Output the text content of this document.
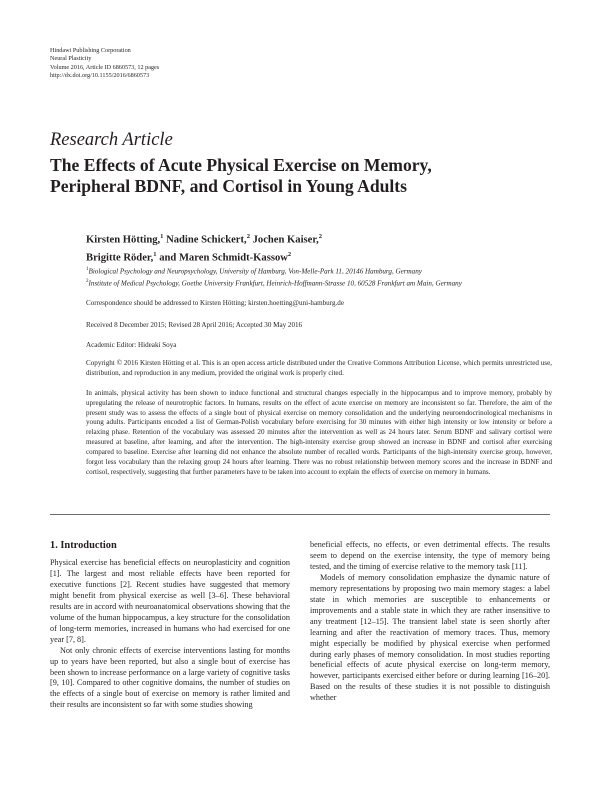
Hindawi Publishing Corporation
Neural Plasticity
Volume 2016, Article ID 6860573, 12 pages
http://dx.doi.org/10.1155/2016/6860573
Research Article
The Effects of Acute Physical Exercise on Memory,
Peripheral BDNF, and Cortisol in Young Adults
Kirsten Hötting,$^1$ Nadine Schickert,$^2$ Jochen Kaiser,$^2$
Brigitte Röder,$^1$ and Maren Schmidt-Kassow$^2$
$^1$Biological Psychology and Neuropsychology, University of Hamburg, Von-Melle-Park 11, 20146 Hamburg, Germany
$^2$Institute of Medical Psychology, Goethe University Frankfurt, Heinrich-Hoffmann-Strasse 10, 60528 Frankfurt am Main, Germany
Correspondence should be addressed to Kirsten Hötting; kirsten.hoetting@uni-hamburg.de
Received 8 December 2015; Revised 28 April 2016; Accepted 30 May 2016
Academic Editor: Hideaki Soya
Copyright © 2016 Kirsten Hötting et al. This is an open access article distributed under the Creative Commons Attribution License, which permits unrestricted use, distribution, and reproduction in any medium, provided the original work is properly cited.
In animals, physical activity has been shown to induce functional and structural changes especially in the hippocampus and to improve memory, probably by upregulating the release of neurotrophic factors. In humans, results on the effect of acute exercise on memory are inconsistent so far. Therefore, the aim of the present study was to assess the effects of a single bout of physical exercise on memory consolidation and the underlying neuroendocrinological mechanisms in young adults. Participants encoded a list of German-Polish vocabulary before exercising for 30 minutes with either high intensity or low intensity or before a relaxing phase. Retention of the vocabulary was assessed 20 minutes after the intervention as well as 24 hours later. Serum BDNF and salivary cortisol were measured at baseline, after learning, and after the intervention. The high-intensity exercise group showed an increase in BDNF and cortisol after exercising compared to baseline. Exercise after learning did not enhance the absolute number of recalled words. Participants of the high-intensity exercise group, however, forgot less vocabulary than the relaxing group 24 hours after learning. There was no robust relationship between memory scores and the increase in BDNF and cortisol, respectively, suggesting that further parameters have to be taken into account to explain the effects of exercise on memory in humans.
1. Introduction

Physical exercise has beneficial effects on neuroplasticity and cognition [1]. The largest and most reliable effects have been reported for executive functions [2]. Recent studies have suggested that memory might benefit from physical exercise as well [3–6]. These behavioral results are in accord with neuroanatomical observations showing that the volume of the human hippocampus, a key structure for the consolidation of long-term memories, increased in humans who had exercised for one year [7, 8].

Not only chronic effects of exercise interventions lasting for months up to years have been reported, but also a single bout of exercise has been shown to increase performance on a large variety of cognitive tasks [9, 10]. Compared to other cognitive domains, the number of studies on the effects of a single bout of exercise on memory is rather limited and their results are inconsistent so far with some studies showing

beneficial effects, no effects, or even detrimental effects. The results seem to depend on the exercise intensity, the type of memory being tested, and the timing of exercise relative to the memory task [11].

Models of memory consolidation emphasize the dynamic nature of memory representations by proposing two main memory stages: a label state in which memories are susceptible to enhancements or improvements and a stable state in which they are rather insensitive to any treatment [12–15]. The transient label state is seen shortly after learning and after the reactivation of memory traces. Thus, memory might especially be modified by physical exercise when performed during early phases of memory consolidation. In most studies reporting beneficial effects of acute physical exercise on long-term memory, however, participants exercised either before or during learning [16–20]. Based on the results of these studies it is not possible to distinguish whether
